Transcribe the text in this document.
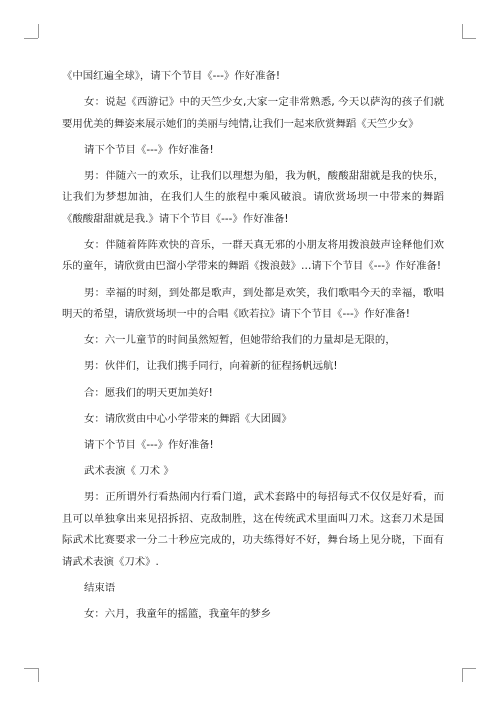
《中国红遍全球》，请下个节目《---》作好准备!

女：说起《西游记》中的天竺少女,大家一定非常熟悉, 今天以萨沟的孩子们就要用优美的舞姿来展示她们的美丽与纯情,让我们一起来欣赏舞蹈《天竺少女》

请下个节目《---》作好准备!

男：伴随六一的欢乐，让我们以理想为船，我为帆，酸酸甜甜就是我的快乐，让我们为梦想加油，在我们人生的旅程中乘风破浪。请欣赏场坝一中带来的舞蹈《酸酸甜甜就是我.》请下个节目《---》作好准备!

女：伴随着阵阵欢快的音乐，一群天真无邪的小朋友将用拨浪鼓声诠释他们欢乐的童年，请欣赏由巴溜小学带来的舞蹈《拨浪鼓》…请下个节目《---》作好准备!

男：幸福的时刻，到处都是歌声，到处都是欢笑，我们歌唱今天的幸福，歌唱明天的希望，请欣赏场坝一中的合唱《欧若拉》请下个节目《---》作好准备!

女：六一儿童节的时间虽然短暂，但她带给我们的力量却是无限的，

男：伙伴们，让我们携手同行，向着新的征程扬帆远航!

合：愿我们的明天更加美好!

女：请欣赏由中心小学带来的舞蹈《大团圆》

请下个节目《---》作好准备!

武术表演《 刀术 》

男：正所谓外行看热闹内行看门道，武术套路中的每招每式不仅仅是好看，而且可以单独拿出来见招拆招、克敌制胜，这在传统武术里面叫刀术。这套刀术是国际武术比赛要求一分二十秒应完成的，功夫练得好不好，舞台场上见分晓，下面有请武术表演《刀术》.

结束语

女：六月，我童年的摇篮，我童年的梦乡
